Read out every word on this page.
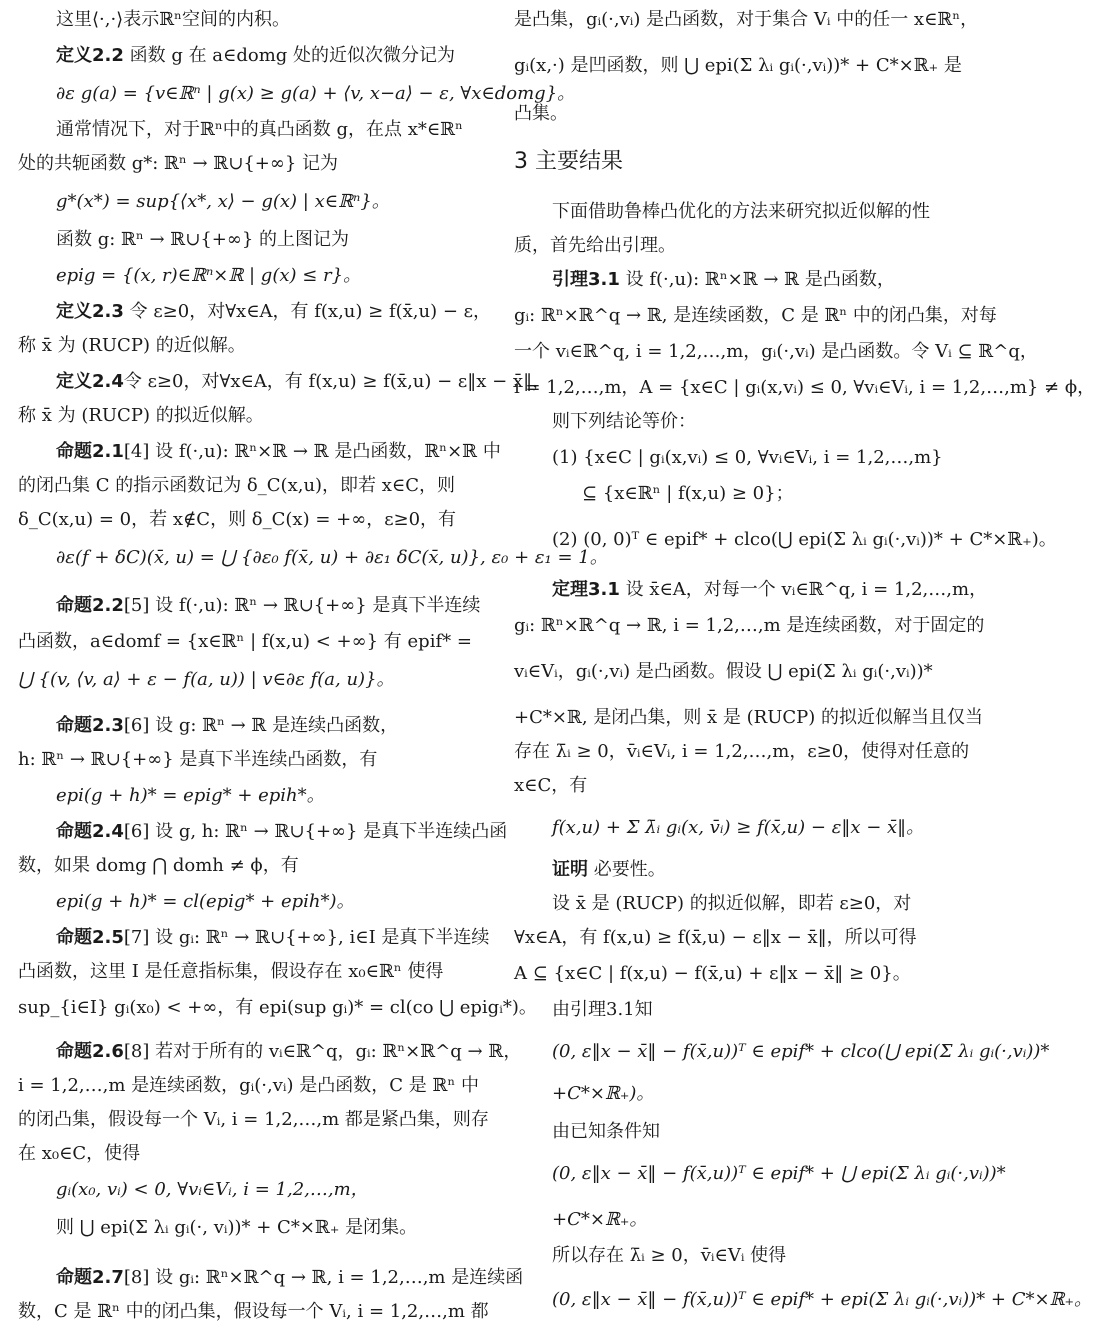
这里⟨·,·⟩表示ℝⁿ空间的内积。
定义2.2 函数 g 在 a∈domg 处的近似次微分记为
∂ε g(a) = {v∈ℝⁿ | g(x) ≥ g(a) + ⟨v, x−a⟩ − ε, ∀x∈domg}。
通常情况下，对于ℝⁿ中的真凸函数 g，在点 x*∈ℝⁿ
处的共轭函数 g*: ℝⁿ → ℝ∪{+∞} 记为
g*(x*) = sup{⟨x*, x⟩ − g(x) | x∈ℝⁿ}。
函数 g: ℝⁿ → ℝ∪{+∞} 的上图记为
epig = {(x, r)∈ℝⁿ×ℝ | g(x) ≤ r}。
定义2.3 令 ε≥0，对∀x∈A，有 f(x,u) ≥ f(x̄,u) − ε，
称 x̄ 为 (RUCP) 的近似解。
定义2.4令 ε≥0，对∀x∈A，有 f(x,u) ≥ f(x̄,u) − ε‖x − x̄‖，
称 x̄ 为 (RUCP) 的拟近似解。
命题2.1[4] 设 f(·,u): ℝⁿ×ℝ → ℝ 是凸函数，ℝⁿ×ℝ 中
的闭凸集 C 的指示函数记为 δ_C(x,u)，即若 x∈C，则
δ_C(x,u) = 0，若 x∉C，则 δ_C(x) = +∞，ε≥0，有
∂ε(f + δC)(x̄, u) = ⋃ {∂ε₀ f(x̄, u) + ∂ε₁ δC(x̄, u)}, ε₀ + ε₁ = 1。
命题2.2[5] 设 f(·,u): ℝⁿ → ℝ∪{+∞} 是真下半连续
凸函数，a∈domf = {x∈ℝⁿ | f(x,u) < +∞} 有 epif* =
⋃ {(v, ⟨v, a⟩ + ε − f(a, u)) | v∈∂ε f(a, u)}。
命题2.3[6] 设 g: ℝⁿ → ℝ 是连续凸函数，
h: ℝⁿ → ℝ∪{+∞} 是真下半连续凸函数，有
epi(g + h)* = epig* + epih*。
命题2.4[6] 设 g, h: ℝⁿ → ℝ∪{+∞} 是真下半连续凸函
数，如果 domg ⋂ domh ≠ ϕ，有
epi(g + h)* = cl(epig* + epih*)。
命题2.5[7] 设 gᵢ: ℝⁿ → ℝ∪{+∞}, i∈I 是真下半连续
凸函数，这里 I 是任意指标集，假设存在 x₀∈ℝⁿ 使得
sup_{i∈I} gᵢ(x₀) < +∞，有 epi(sup gᵢ)* = cl(co ⋃ epigᵢ*)。
命题2.6[8] 若对于所有的 vᵢ∈ℝ^q，gᵢ: ℝⁿ×ℝ^q → ℝ，
i = 1,2,…,m 是连续函数，gᵢ(·,vᵢ) 是凸函数，C 是 ℝⁿ 中
的闭凸集，假设每一个 Vᵢ, i = 1,2,…,m 都是紧凸集，则存
在 x₀∈C，使得
gᵢ(x₀, vᵢ) < 0, ∀vᵢ∈Vᵢ, i = 1,2,…,m，
则 ⋃ epi(Σ λᵢ gᵢ(·, vᵢ))* + C*×ℝ₊ 是闭集。
命题2.7[8] 设 gᵢ: ℝⁿ×ℝ^q → ℝ, i = 1,2,…,m 是连续函
数，C 是 ℝⁿ 中的闭凸集，假设每一个 Vᵢ, i = 1,2,…,m 都
是凸集，gᵢ(·,vᵢ) 是凸函数，对于集合 Vᵢ 中的任一 x∈ℝⁿ，
gᵢ(x,·) 是凹函数，则 ⋃ epi(Σ λᵢ gᵢ(·,vᵢ))* + C*×ℝ₊ 是
凸集。
3 主要结果
下面借助鲁棒凸优化的方法来研究拟近似解的性
质，首先给出引理。
引理3.1 设 f(·,u): ℝⁿ×ℝ → ℝ 是凸函数，
gᵢ: ℝⁿ×ℝ^q → ℝ, 是连续函数，C 是 ℝⁿ 中的闭凸集，对每
一个 vᵢ∈ℝ^q, i = 1,2,…,m，gᵢ(·,vᵢ) 是凸函数。令 Vᵢ ⊆ ℝ^q，
i = 1,2,…,m，A = {x∈C | gᵢ(x,vᵢ) ≤ 0, ∀vᵢ∈Vᵢ, i = 1,2,…,m} ≠ ϕ，
则下列结论等价：
(1) {x∈C | gᵢ(x,vᵢ) ≤ 0, ∀vᵢ∈Vᵢ, i = 1,2,…,m}
⊆ {x∈ℝⁿ | f(x,u) ≥ 0}；
(2) (0, 0)ᵀ ∈ epif* + clco(⋃ epi(Σ λᵢ gᵢ(·,vᵢ))* + C*×ℝ₊)。
定理3.1 设 x̄∈A，对每一个 vᵢ∈ℝ^q, i = 1,2,…,m，
gᵢ: ℝⁿ×ℝ^q → ℝ, i = 1,2,…,m 是连续函数，对于固定的
vᵢ∈Vᵢ，gᵢ(·,vᵢ) 是凸函数。假设 ⋃ epi(Σ λᵢ gᵢ(·,vᵢ))*
+C*×ℝ, 是闭凸集，则 x̄ 是 (RUCP) 的拟近似解当且仅当
存在 λ̄ᵢ ≥ 0，v̄ᵢ∈Vᵢ, i = 1,2,…,m，ε≥0，使得对任意的
x∈C，有
f(x,u) + Σ λ̄ᵢ gᵢ(x, v̄ᵢ) ≥ f(x̄,u) − ε‖x − x̄‖。
证明 必要性。
设 x̄ 是 (RUCP) 的拟近似解，即若 ε≥0，对
∀x∈A，有 f(x,u) ≥ f(x̄,u) − ε‖x − x̄‖，所以可得
A ⊆ {x∈C | f(x,u) − f(x̄,u) + ε‖x − x̄‖ ≥ 0}。
由引理3.1知
(0, ε‖x − x̄‖ − f(x̄,u))ᵀ ∈ epif* + clco(⋃ epi(Σ λᵢ gᵢ(·,vᵢ))*
+C*×ℝ₊)。
由已知条件知
(0, ε‖x − x̄‖ − f(x̄,u))ᵀ ∈ epif* + ⋃ epi(Σ λᵢ gᵢ(·,vᵢ))*
+C*×ℝ₊。
所以存在 λ̄ᵢ ≥ 0，v̄ᵢ∈Vᵢ 使得
(0, ε‖x − x̄‖ − f(x̄,u))ᵀ ∈ epif* + epi(Σ λᵢ gᵢ(·,vᵢ))* + C*×ℝ₊。
